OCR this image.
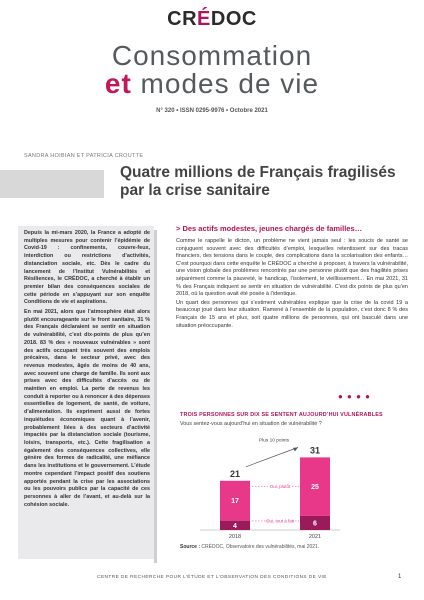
CRÉDOC
Consommation
et modes de vie
N° 320 • ISSN 0295-9976 • Octobre 2021
SANDRA HOIBIAN ET PATRICIA CROUTTE
Quatre millions de Français fragilisés par la crise sanitaire

Depuis la mi-mars 2020, la France a adopté de multiples mesures pour contenir l’épidémie de Covid-19 : confinements, couvre-feux, interdiction ou restrictions d’activités, distanciation sociale, etc. Dès le cadre du lancement de l’Institut Vulnérabilités et Résiliences, le CRÉDOC, a cherché à établir un premier bilan des conséquences sociales de cette période en s’appuyant sur son enquête Conditions de vie et aspirations.

En mai 2021, alors que l’atmosphère était alors plutôt encourageante sur le front sanitaire, 31 % des Français déclaraient se sentir en situation de vulnérabilité, c’est dix-points de plus qu’en 2018. 83 % des « nouveaux vulnérables » sont des actifs occupant très souvent des emplois précaires, dans le secteur privé, avec des revenus modestes, âgés de moins de 40 ans, avec souvent une charge de famille. Ils sont aux prises avec des difficultés d’accès ou de maintien en emploi. La perte de revenus les conduit à reporter ou à renoncer à des dépenses essentielles de logement, de santé, de voiture, d’alimentation. Ils expriment aussi de fortes inquiétudes économiques quant à l’avenir, probablement liées à des secteurs d’activité impactés par la distanciation sociale (tourisme, loisirs, transports, etc.). Cette fragilisation a également des conséquences collectives, elle génère des formes de radicalité, une méfiance dans les institutions et le gouvernement. L’étude montre cependant l’impact positif des soutiens apportés pendant la crise par les associations ou les pouvoirs publics par la capacité de ces personnes à aller de l’avant, et au-delà sur la cohésion sociale.

> Des actifs modestes, jeunes chargés de familles…

Comme le rappelle le dicton, un problème ne vient jamais seul : les soucis de santé se conjuguent souvent avec des difficultés d’emploi, lesquelles retentissent sur des tracas financiers, des tensions dans le couple, des complications dans la scolarisation des enfants… C’est pourquoi dans cette enquête le CRÉDOC a cherché à proposer, à travers la vulnérabilité, une vision globale des problèmes rencontrés par une personne plutôt que des fragilités prises séparément comme la pauvreté, le handicap, l’isolement, le vieillissement… En mai 2021, 31 % des Français indiquent se sentir en situation de vulnérabilité. C’est dix points de plus qu’en 2018, où la question avait été posée à l’identique.

Un quart des personnes qui s’estiment vulnérables explique que la crise de la covid 19 a beaucoup joué dans leur situation. Ramené à l’ensemble de la population, c’est donc 8 % des Français de 15 ans et plus, soit quatre millions de personnes, qui ont basculé dans une situation préoccupante.

● ● ● ●
TROIS PERSONNES SUR DIX SE SENTENT AUJOURD’HUI VULNÉRABLES
Vous sentez-vous aujourd’hui en situation de vulnérabilité ?
4
17
21
2018
6
25
31
2021
Oui, plutôt
Oui, tout à fait
Plus 10 points
Source : CRÉDOC, Observatoire des vulnérabilités, mai 2021.
CENTRE DE RECHERCHE POUR L’ÉTUDE ET L’OBSERVATION DES CONDITIONS DE VIE	1
